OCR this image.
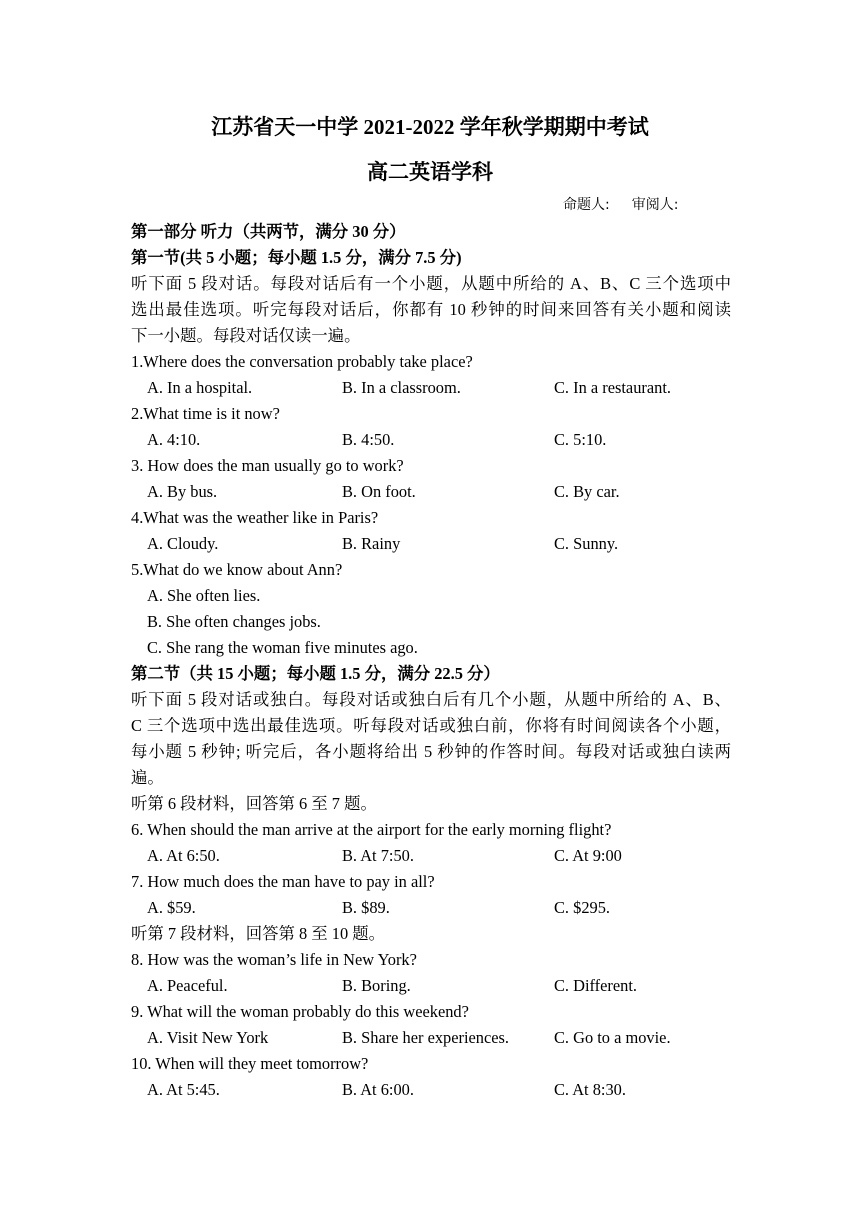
江苏省天一中学 2021-2022 学年秋学期期中考试
高二英语学科
命题人: 审阅人:
第一部分 听力（共两节，满分 30 分）
第一节(共 5 小题；每小题 1.5 分，满分 7.5 分)
听下面 5 段对话。每段对话后有一个小题，从题中所给的 A、B、C 三个选项中
选出最佳选项。听完每段对话后，你都有 10 秒钟的时间来回答有关小题和阅读
下一小题。每段对话仅读一遍。
1.Where does the conversation probably take place?
A. In a hospital.	B. In a classroom.	C. In a restaurant.
2.What time is it now?
A. 4:10.	B. 4:50.	C. 5:10.
3. How does the man usually go to work?
A. By bus.	B. On foot.	C. By car.
4.What was the weather like in Paris?
A. Cloudy.	B. Rainy	C. Sunny.
5.What do we know about Ann?
A. She often lies.
B. She often changes jobs.
C. She rang the woman five minutes ago.
第二节（共 15 小题；每小题 1.5 分，满分 22.5 分）
听下面 5 段对话或独白。每段对话或独白后有几个小题，从题中所给的 A、B、
C 三个选项中选出最佳选项。听每段对话或独白前，你将有时间阅读各个小题，
每小题 5 秒钟; 听完后，各小题将给出 5 秒钟的作答时间。每段对话或独白读两
遍。
听第 6 段材料，回答第 6 至 7 题。
6. When should the man arrive at the airport for the early morning flight?
A. At 6:50.	B. At 7:50.	C. At 9:00
7. How much does the man have to pay in all?
A. $59.	B. $89.	C. $295.
听第 7 段材料，回答第 8 至 10 题。
8. How was the woman’s life in New York?
A. Peaceful.	B. Boring.	C. Different.
9. What will the woman probably do this weekend?
A. Visit New York	B. Share her experiences.	C. Go to a movie.
10. When will they meet tomorrow?
A. At 5:45.	B. At 6:00.	C. At 8:30.
